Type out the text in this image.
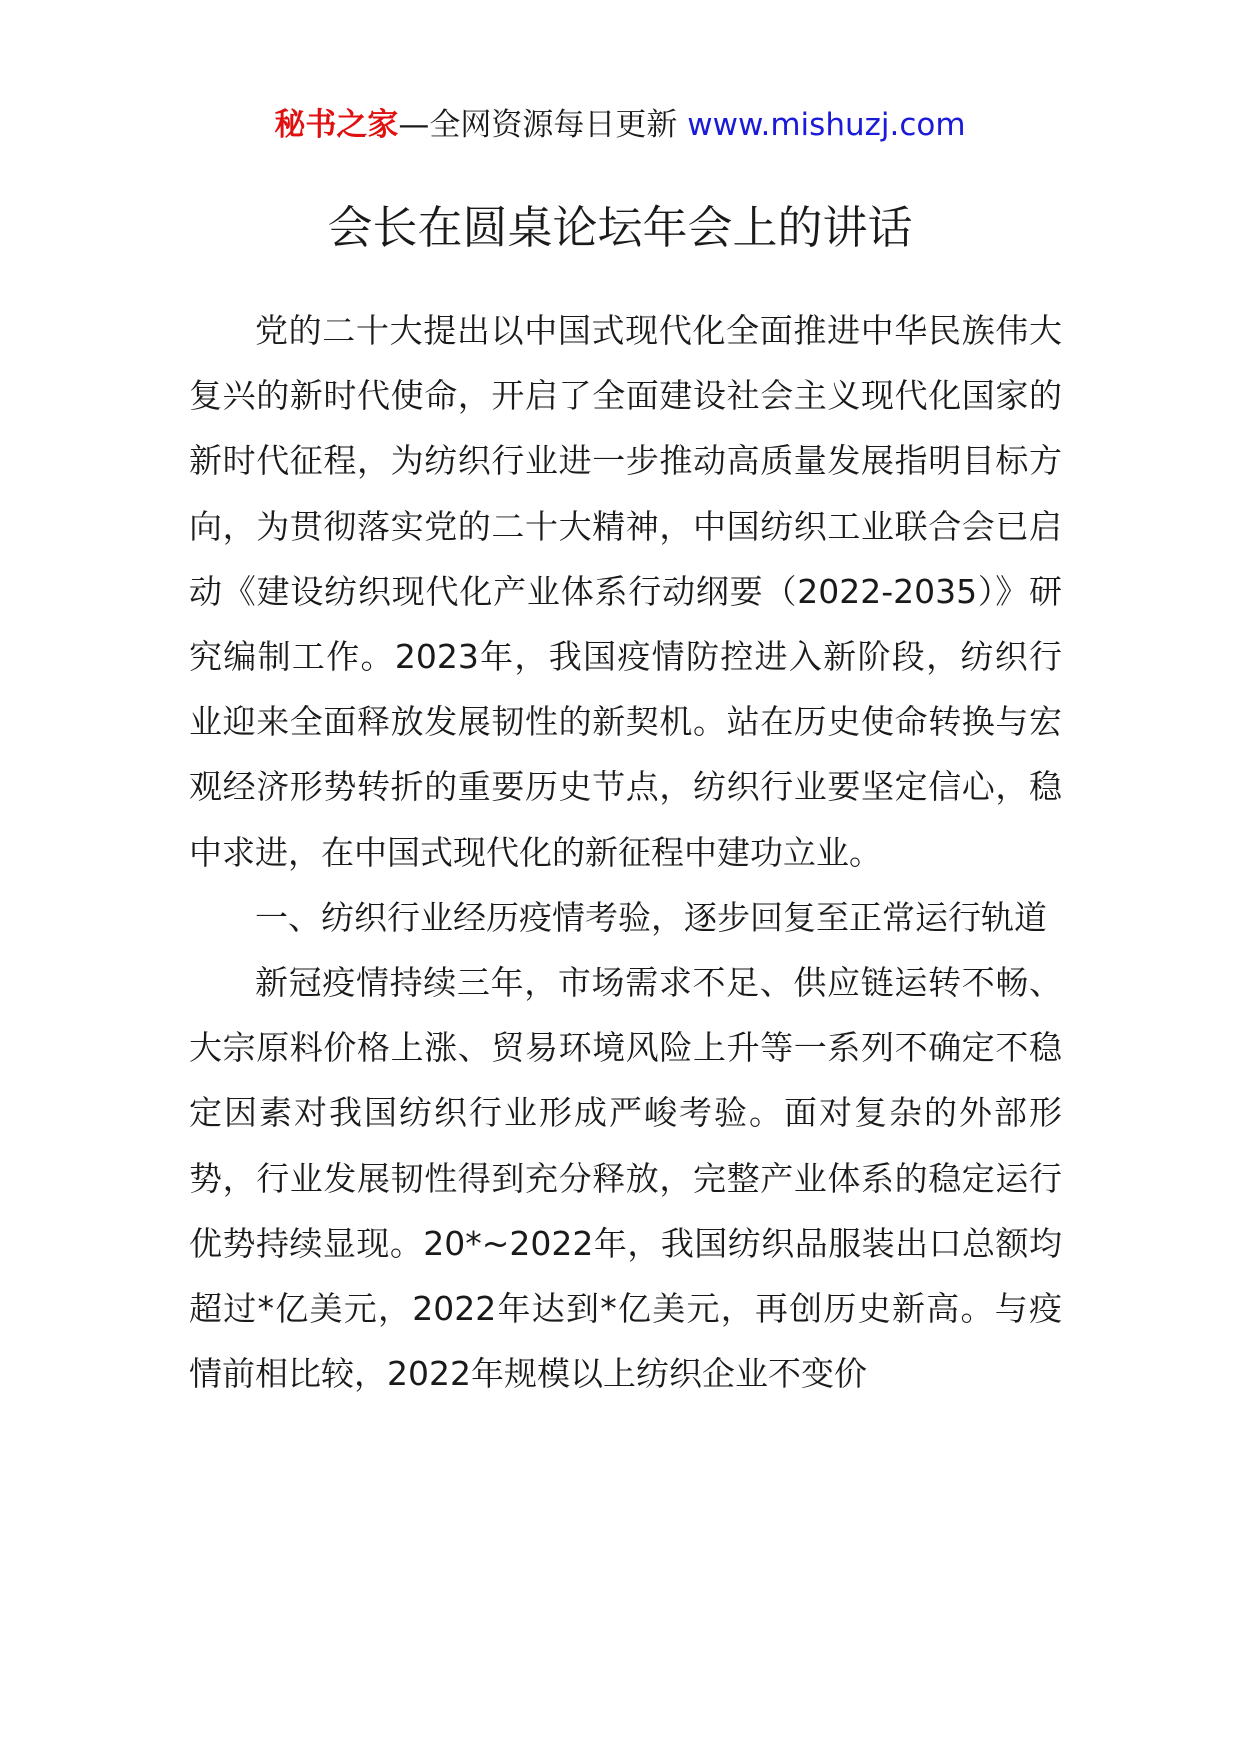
秘书之家—全网资源每日更新 www.mishuzj.com
会长在圆桌论坛年会上的讲话

党的二十大提出以中国式现代化全面推进中华民族伟大复兴的新时代使命，开启了全面建设社会主义现代化国家的新时代征程，为纺织行业进一步推动高质量发展指明目标方向，为贯彻落实党的二十大精神，中国纺织工业联合会已启动《建设纺织现代化产业体系行动纲要（2022-2035）》研究编制工作。2023年，我国疫情防控进入新阶段，纺织行业迎来全面释放发展韧性的新契机。站在历史使命转换与宏观经济形势转折的重要历史节点，纺织行业要坚定信心，稳中求进，在中国式现代化的新征程中建功立业。

一、纺织行业经历疫情考验，逐步回复至正常运行轨道

新冠疫情持续三年，市场需求不足、供应链运转不畅、大宗原料价格上涨、贸易环境风险上升等一系列不确定不稳定因素对我国纺织行业形成严峻考验。面对复杂的外部形势，行业发展韧性得到充分释放，完整产业体系的稳定运行优势持续显现。20*~2022年，我国纺织品服装出口总额均超过*亿美元，2022年达到*亿美元，再创历史新高。与疫情前相比较，2022年规模以上纺织企业不变价
